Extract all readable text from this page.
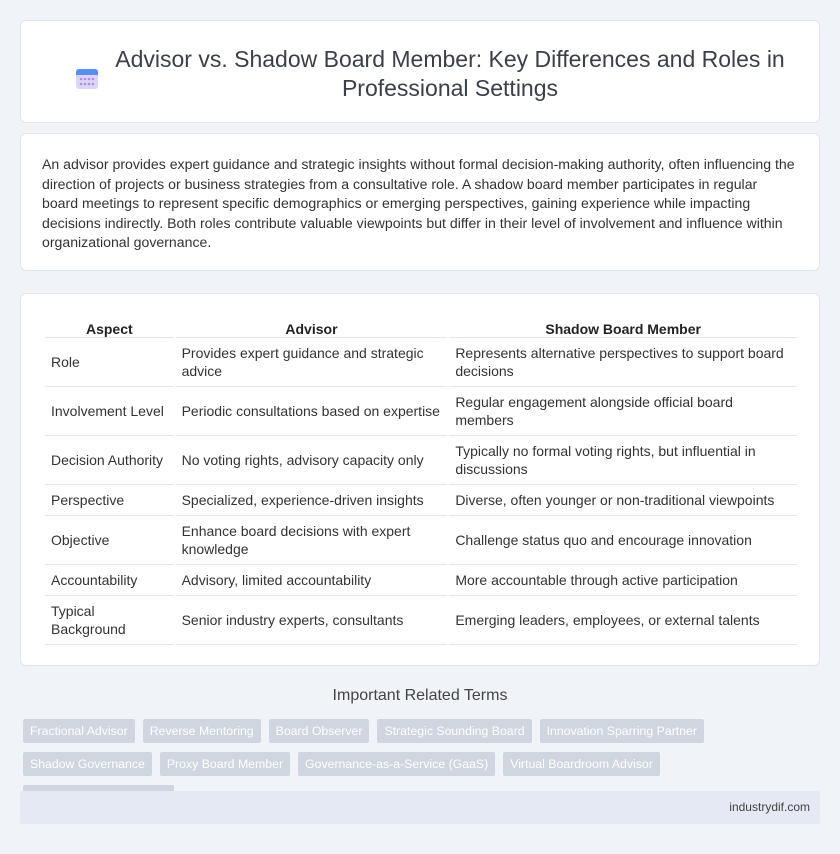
Advisor vs. Shadow Board Member: Key Differences and Roles in Professional Settings

An advisor provides expert guidance and strategic insights without formal decision-making authority, often influencing the direction of projects or business strategies from a consultative role. A shadow board member participates in regular board meetings to represent specific demographics or emerging perspectives, gaining experience while impacting decisions indirectly. Both roles contribute valuable viewpoints but differ in their level of involvement and influence within organizational governance.

Aspect	Advisor	Shadow Board Member
Role	Provides expert guidance and strategic advice	Represents alternative perspectives to support board decisions
Involvement Level	Periodic consultations based on expertise	Regular engagement alongside official board members
Decision Authority	No voting rights, advisory capacity only	Typically no formal voting rights, but influential in discussions
Perspective	Specialized, experience-driven insights	Diverse, often younger or non-traditional viewpoints
Objective	Enhance board decisions with expert knowledge	Challenge status quo and encourage innovation
Accountability	Advisory, limited accountability	More accountable through active participation
Typical Background	Senior industry experts, consultants	Emerging leaders, employees, or external talents
Important Related Terms
Fractional Advisor	Reverse Mentoring	Board Observer	Strategic Sounding Board	Innovation Sparring Partner
Shadow Governance	Proxy Board Member	Governance-as-a-Service (GaaS)	Virtual Boardroom Advisor
industrydif.com
